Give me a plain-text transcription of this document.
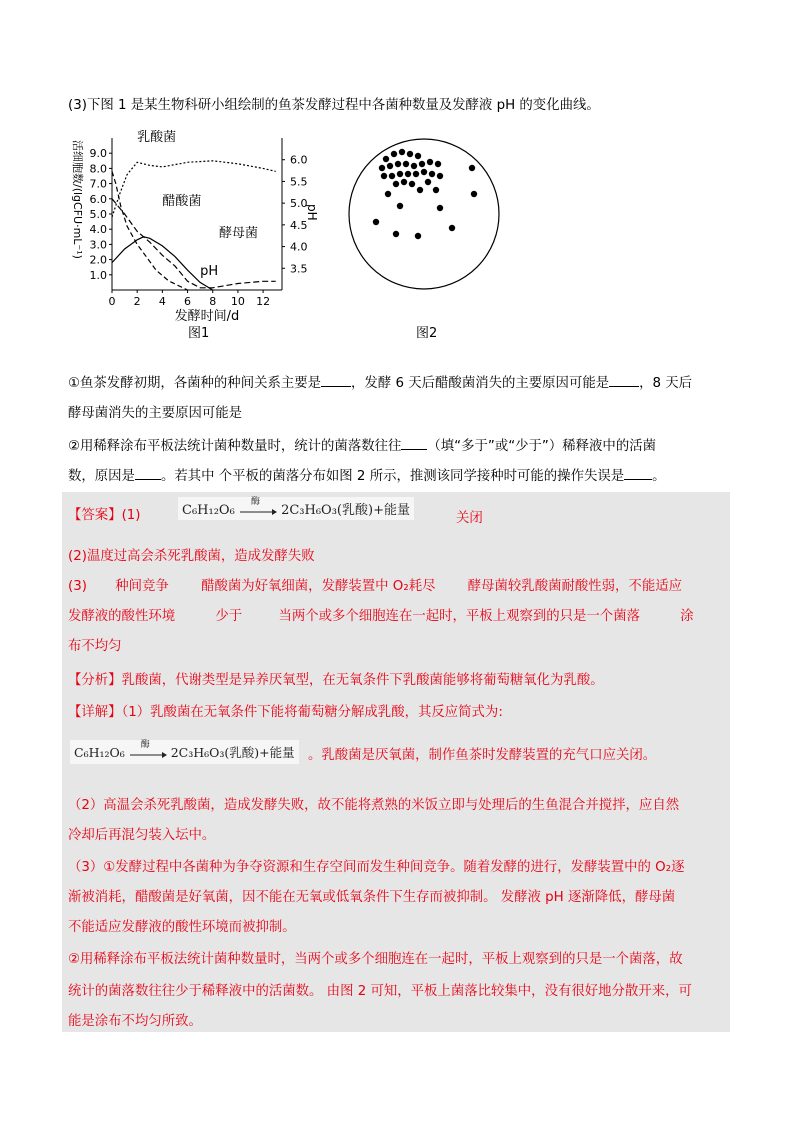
(3)下图 1 是某生物科研小组绘制的鱼茶发酵过程中各菌种数量及发酵液 pH 的变化曲线。
0 2 4 6 8 10 12
1.0
2.0
3.0
4.0
5.0
6.0
7.0
8.0
9.0
3.5
4.0
4.5
5.0
5.5
6.0
活细胞数/(lgCFU·mL⁻¹)	pH
发酵时间/d
乳酸菌
醋酸菌
酵母菌
pH
图1	图2
①鱼茶发酵初期，各菌种的种间关系主要是 ，发酵 6 天后醋酸菌消失的主要原因可能是 ，8 天后
酵母菌消失的主要原因可能是
②用稀释涂布平板法统计菌种数量时，统计的菌落数往往 （填“多于”或“少于”）稀释液中的活菌
数，原因是 。若其中 个平板的菌落分布如图 2 所示，推测该同学接种时可能的操作失误是 。
【答案】(1)	C₆H₁₂O₆
酶
2C₃H₆O₃(乳酸)+能量
关闭
(2)温度过高会杀死乳酸菌，造成发酵失败
(3) 种间竞争 醋酸菌为好氧细菌，发酵装置中 O₂耗尽 酵母菌较乳酸菌耐酸性弱，不能适应
发酵液的酸性环境	少于	当两个或多个细胞连在一起时，平板上观察到的只是一个菌落	涂
布不均匀
【分析】乳酸菌，代谢类型是异养厌氧型，在无氧条件下乳酸菌能够将葡萄糖氧化为乳酸。
【详解】（1）乳酸菌在无氧条件下能将葡萄糖分解成乳酸，其反应简式为:
C₆H₁₂O₆
酶
2C₃H₆O₃(乳酸)+能量 。乳酸菌是厌氧菌，制作鱼茶时发酵装置的充气口应关闭。
（2）高温会杀死乳酸菌，造成发酵失败，故不能将煮熟的米饭立即与处理后的生鱼混合并搅拌，应自然
冷却后再混匀装入坛中。
（3）①发酵过程中各菌种为争夺资源和生存空间而发生种间竞争。随着发酵的进行，发酵装置中的 O₂逐
渐被消耗，醋酸菌是好氧菌，因不能在无氧或低氧条件下生存而被抑制。 发酵液 pH 逐渐降低，酵母菌
不能适应发酵液的酸性环境而被抑制。
②用稀释涂布平板法统计菌种数量时，当两个或多个细胞连在一起时，平板上观察到的只是一个菌落，故
统计的菌落数往往少于稀释液中的活菌数。 由图 2 可知，平板上菌落比较集中，没有很好地分散开来，可
能是涂布不均匀所致。
